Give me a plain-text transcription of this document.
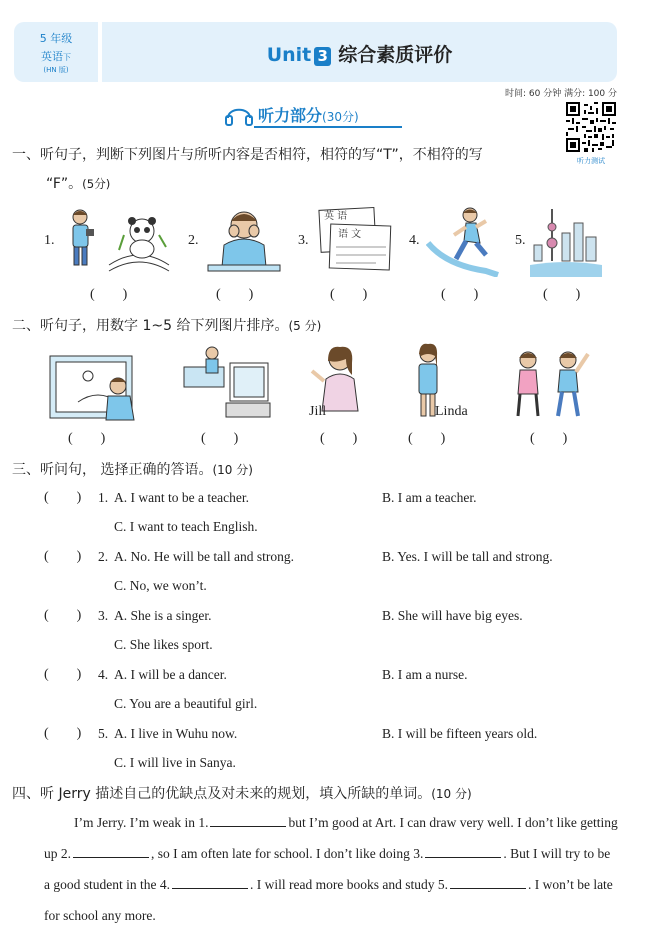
5 年级
英语下
(HN 版)
Unit 3 综合素质评价
时间: 60 分钟 满分: 100 分
听力测试
听力部分(30分)
一、听句子，判断下列图片与所听内容是否相符，相符的写“T”，不相符的写
“F”。(5分)
1.	2.	3.
英 语
语 文	4.	5.
(        )	(        )	(        )	(        )	(        )
二、听句子，用数字 1~5 给下列图片排序。(5 分)
Jill	Linda
(        )	(        )	(        )	(        )	(        )
三、听问句， 选择正确的答语。(10 分)
(        ) 1. A. I want to be a teacher.	B. I am a teacher.
C. I want to teach English.
(        ) 2. A. No. He will be tall and strong.	B. Yes. I will be tall and strong.
C. No, we won’t.
(        ) 3. A. She is a singer.	B. She will have big eyes.
C. She likes sport.
(        ) 4. A. I will be a dancer.	B. I am a nurse.
C. You are a beautiful girl.
(        ) 5. A. I live in Wuhu now.	B. I will be fifteen years old.
C. I will live in Sanya.
四、听 Jerry 描述自己的优缺点及对未来的规划，填入所缺的单词。(10 分)
I’m Jerry. I’m weak in 1.	but I’m good at Art. I can draw very well. I don’t like getting up 2.	, so I am often late for school. I don’t like doing 3.	. But I will try to be a good student in the 4.	. I will read more books and study 5.	. I won’t be late for school any more.
